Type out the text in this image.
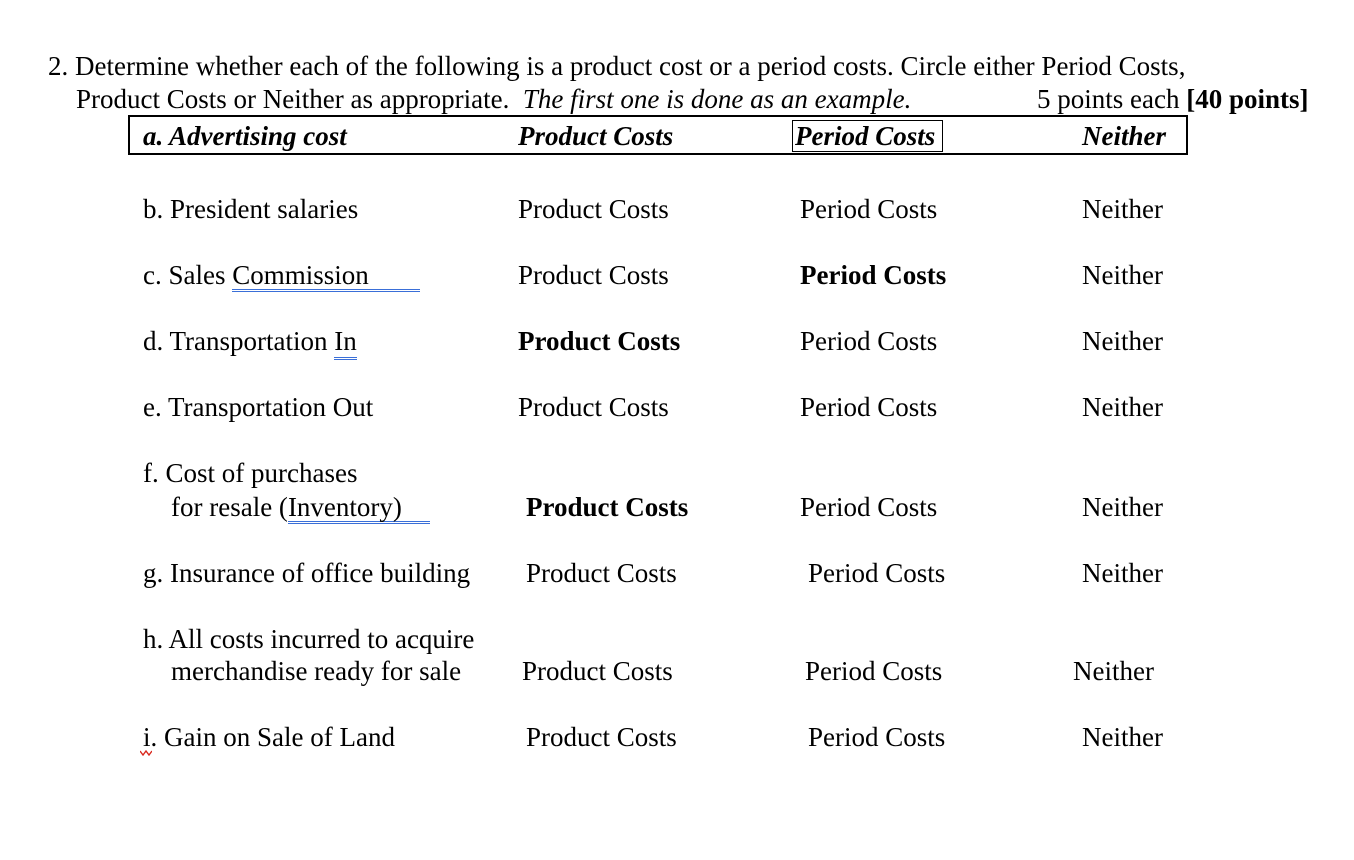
2. Determine whether each of the following is a product cost or a period costs. Circle either Period Costs,
Product Costs or Neither as appropriate. The first one is done as an example.	5 points each [40 points]
a. Advertising cost	Product Costs	Period Costs	Neither
b. President salaries	Product Costs	Period Costs	Neither
c. Sales Commission	Product Costs	Period Costs	Neither
d. Transportation In	Product Costs	Period Costs	Neither
e. Transportation Out	Product Costs	Period Costs	Neither
f. Cost of purchases
for resale (Inventory)	Product Costs	Period Costs	Neither
g. Insurance of office building Product Costs	Period Costs	Neither
h. All costs incurred to acquire
merchandise ready for sale Product Costs	Period Costs	Neither
i. Gain on Sale of Land	Product Costs	Period Costs	Neither
